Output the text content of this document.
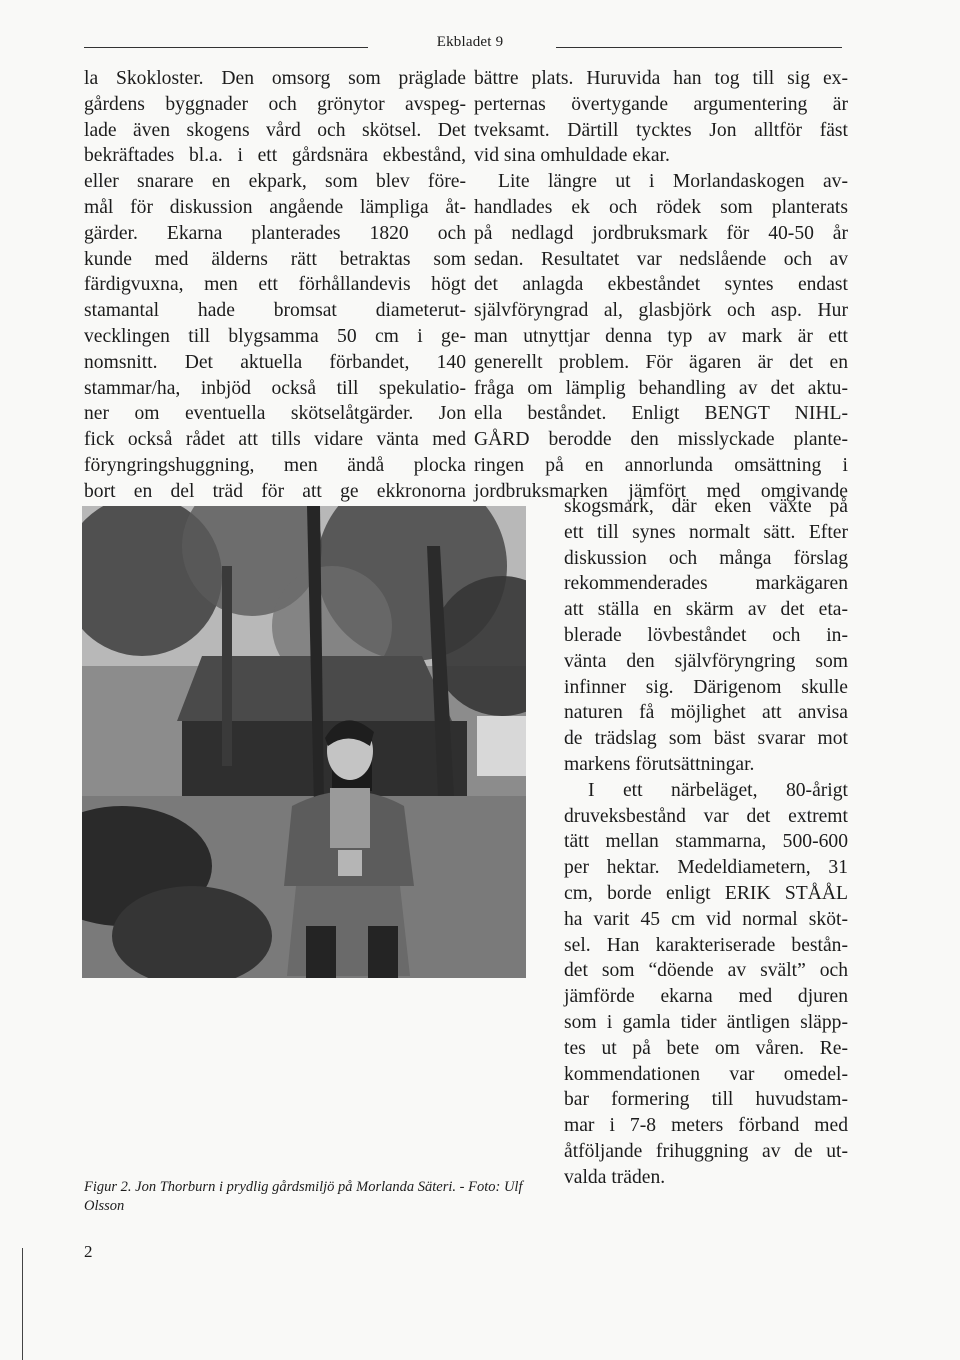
Ekbladet 9
la Skokloster. Den omsorg som präglade
gårdens byggnader och grönytor avspeg-
lade även skogens vård och skötsel. Det
bekräftades bl.a. i ett gårdsnära ekbestånd,
eller snarare en ekpark, som blev före-
mål för diskussion angående lämpliga åt-
gärder. Ekarna planterades 1820 och
kunde med älderns rätt betraktas som
färdigvuxna, men ett förhållandevis högt
stamantal hade bromsat diameterut-
vecklingen till blygsamma 50 cm i ge-
nomsnitt. Det aktuella förbandet, 140
stammar/ha, inbjöd också till spekulatio-
ner om eventuella skötselåtgärder. Jon
fick också rådet att tills vidare vänta med
föryngringshuggning, men ändå plocka
bort en del träd för att ge ekkronorna
bättre plats. Huruvida han tog till sig ex-
perternas övertygande argumentering är
tveksamt. Därtill tycktes Jon alltför fäst
vid sina omhuldade ekar.
Lite längre ut i Morlandaskogen av-
handlades ek och rödek som planterats
på nedlagd jordbruksmark för 40-50 år
sedan. Resultatet var nedslående och av
det anlagda ekbeståndet syntes endast
självföryngrad al, glasbjörk och asp. Hur
man utnyttjar denna typ av mark är ett
generellt problem. För ägaren är det en
fråga om lämplig behandling av det aktu-
ella beståndet. Enligt BENGT NIHL-
GÅRD berodde den misslyckade plante-
ringen på en annorlunda omsättning i
jordbruksmarken jämfört med omgivande
skogsmark, där eken växte på
ett till synes normalt sätt. Efter
diskussion och många förslag
rekommenderades markägaren
att ställa en skärm av det eta-
blerade lövbeståndet och in-
vänta den självföryngring som
infinner sig. Därigenom skulle
naturen få möjlighet att anvisa
de trädslag som bäst svarar mot
markens förutsättningar.
I ett närbeläget, 80-årigt
druveksbestånd var det extremt
tätt mellan stammarna, 500-600
per hektar. Medeldiametern, 31
cm, borde enligt ERIK STÅÅL
ha varit 45 cm vid normal sköt-
sel. Han karakteriserade bestån-
det som “döende av svält” och
jämförde ekarna med djuren
som i gamla tider äntligen släpp-
tes ut på bete om våren. Re-
kommendationen var omedel-
bar formering till huvudstam-
mar i 7-8 meters förband med
åtföljande frihuggning av de ut-
valda träden.
Figur 2. Jon Thorburn i prydlig gårdsmiljö på Morlanda Säteri. - Foto: Ulf Olsson
2
